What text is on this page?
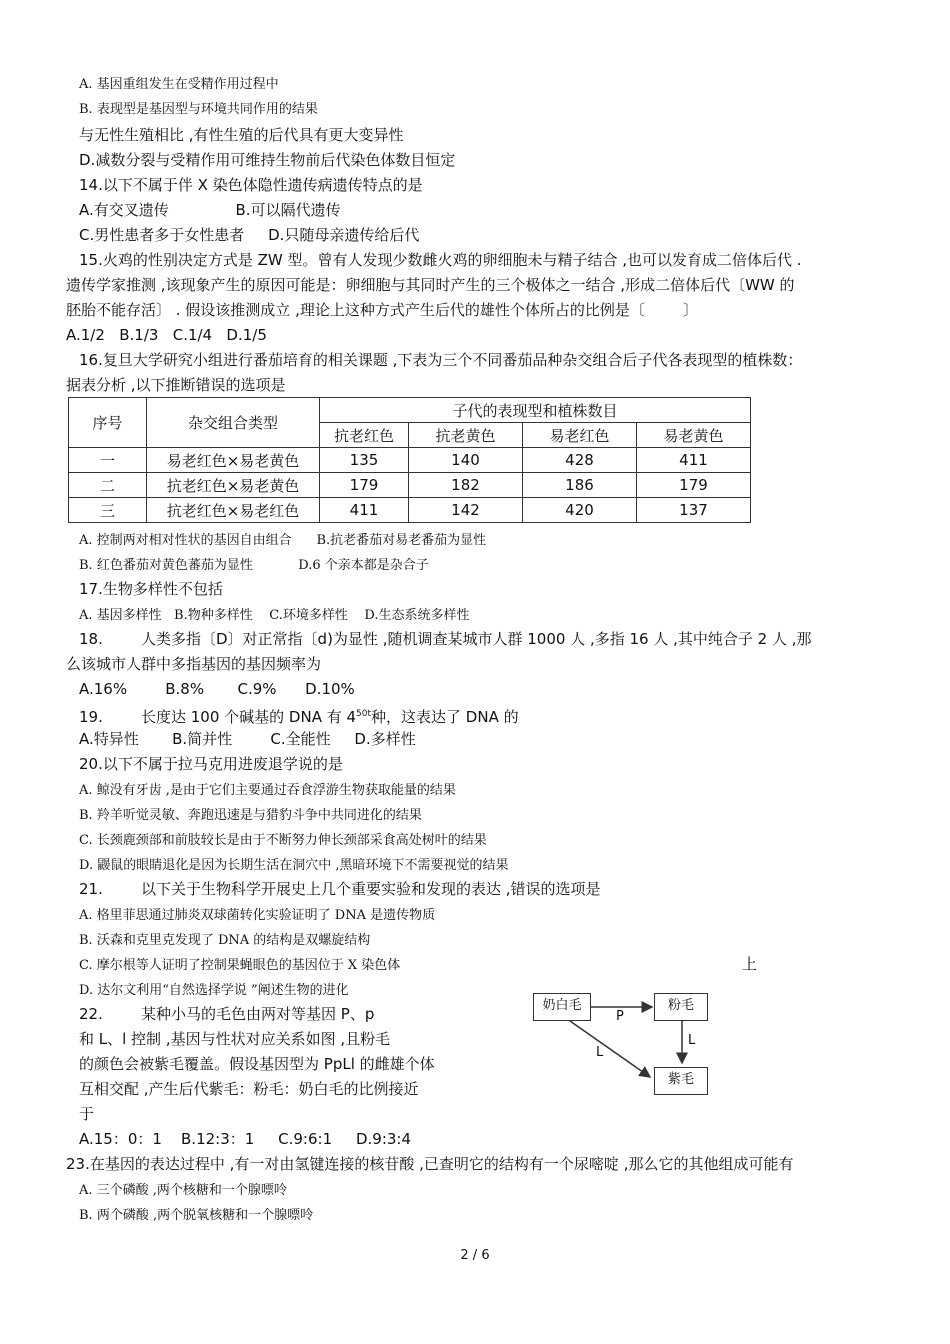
A. 基因重组发生在受精作用过程中
B. 表现型是基因型与环境共同作用的结果
与无性生殖相比 ,有性生殖的后代具有更大变异性
D.减数分裂与受精作用可维持生物前后代染色体数目恒定
14.以下不属于伴 X 染色体隐性遗传病遗传特点的是
A.有交叉遗传              B.可以隔代遗传
C.男性患者多于女性患者     D.只随母亲遗传给后代
15.火鸡的性别决定方式是 ZW 型。曾有人发现少数雌火鸡的卵细胞未与精子结合 ,也可以发育成二倍体后代 .
遗传学家推测 ,该现象产生的原因可能是：卵细胞与其同时产生的三个极体之一结合 ,形成二倍体后代〔WW 的
胚胎不能存活〕 . 假设该推测成立 ,理论上这种方式产生后代的雄性个体所占的比例是〔        〕
A.1/2   B.1/3   C.1/4   D.1/5
16.复旦大学研究小组进行番茄培育的相关课题 ,下表为三个不同番茄品种杂交组合后子代各表现型的植株数：
据表分析 ,以下推断错误的选项是
序号	杂交组合类型	子代的表现型和植株数目			
		抗老红色	抗老黄色	易老红色	易老黄色
一	易老红色×易老黄色	135	140	428	411
二	抗老红色×易老黄色	179	182	186	179
三	抗老红色×易老红色	411	142	420	137
A. 控制两对相对性状的基因自由组合      B.抗老番茄对易老番茄为显性
B. 红色番茄对黄色蕃茄为显性           D.6 个亲本都是杂合子
17.生物多样性不包括
A. 基因多样性   B.物种多样性    C.环境多样性    D.生态系统多样性
18.        人类多指〔D〕对正常指〔d)为显性 ,随机调查某城市人群 1000 人 ,多指 16 人 ,其中纯合子 2 人 ,那
么该城市人群中多指基因的基因频率为
A.16%        B.8%       C.9%      D.10%
19.        长度达 100 个碱基的 DNA 有 $4^{50t}$种，这表达了 DNA 的
A.特异性       B.简并性        C.全能性     D.多样性
20.以下不属于拉马克用进废退学说的是
A. 鲸没有牙齿 ,是由于它们主要通过吞食浮游生物获取能量的结果
B. 羚羊听觉灵敏、奔跑迅速是与猎豹斗争中共同进化的结果
C. 长颈鹿颈部和前肢较长是由于不断努力伸长颈部采食高处树叶的结果
D. 鼹鼠的眼睛退化是因为长期生活在洞穴中 ,黑暗环境下不需要视觉的结果
21.        以下关于生物科学开展史上几个重要实验和发现的表达 ,错误的选项是
A. 格里菲思通过肺炎双球菌转化实验证明了 DNA 是遗传物质
B. 沃森和克里克发现了 DNA 的结构是双螺旋结构
C. 摩尔根等人证明了控制果蝇眼色的基因位于 X 染色体	上
D. 达尔文利用“自然选择学说 ”阐述生物的进化
22.        某种小马的毛色由两对等基因 P、p
和 L、l 控制 ,基因与性状对应关系如图 ,且粉毛
的颜色会被紫毛覆盖。假设基因型为 PpLl 的雌雄个体
互相交配 ,产生后代紫毛：粉毛：奶白毛的比例接近
于
A.15：0：1    B.12:3：1     C.9:6:1     D.9:3:4
23.在基因的表达过程中 ,有一对由氢键连接的核苷酸 ,已查明它的结构有一个尿嘧啶 ,那么它的其他组成可能有
A. 三个磷酸 ,两个核糖和一个腺嘌呤
B. 两个磷酸 ,两个脱氧核糖和一个腺嘌呤
奶白毛	粉毛
紫毛
P
L
L
2 / 6
